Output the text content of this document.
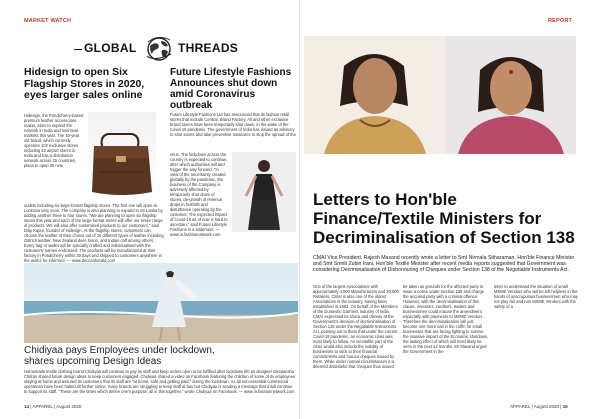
MARKET WATCH	REPORT
GLOBAL	THREADS
Hidesign to open Six Flagship Stores in 2020, eyes larger sales online
Hidesign, the Pondicherry-based premium leather accessories maker, aims to expand the network in India and overseas markets this year. The 40-year old brand, which currently operates 102 exclusive stores including 22 airport stores in India and has a distribution network across 25 countries, plans to open 30 new
outlets including six large-format flagship stores. The first one will open at Lucknow very soon. The company is also planning to expand in Sri Lanka by adding another three to four stores. "We are planning to open six flagship stores this year and each of the large-format stores will offer our entire range of products. We will also offer customised products to our customers," said Dilip Kapur, founder of Hidesign. At the flagship stores, customers can choose the leather of their choice out of 15 different types of leather including Ostrich leather, New Zealand deer, bison, and Indian calf among others. Every bag or wallet will be specially crafted and individualised with the customers' names embossed. The products will be manufactured at their factory in Pondicherry within 30 days and shipped to customers anywhere in the world, he informed. — www.deccanherald.com
Future Lifestyle Fashions Announces shut down amid Coronavirus outbreak
Future Lifestyle Fashions Ltd has announced that its fashion retail stores that include Central, Brand Factory, All and other exclusive brand stores have been temporarily shut down, in the wake of the Covid-19 pandemic. The government of India has issued an advisory to shut stores and take preventive measures to stop the spread of the
virus. The lockdown across the country is expected to continue, after which authorities will and trigger the way forward. "In view of the uncertainty created globally by the pandemic, the business of the Company is adversely affected by temporarily shut down of stores, de-growth of revenue, drops in footfalls and disturbance operating by the customer. The expected impact of Covid-19 as of now is hard to ascertain," said Future Lifestyle Fashions in a statement. — www.in.fashionnetwork.com
Chidiyaa pays Employees under lockdown, shares upcoming Design Ideas
Homemade textile clothing brand Chidiyaa will continue to pay its staff and keep orders open to be fulfilled after lockdown life as designer Deepanshu Chitran shared future design ideas to keep customers engaged. Chidiyaa shared a video on Facebook featuring the children of some of its employees staying at home and assured its customers that its staff are "at home, safe and getting paid," during the lockdown. As all non-essential commercial operations have been halted till further notice, many brands are struggling to keep staff at bay but Chidiyaa is sending a message that it will continue to support its staff. "These are the times which define one's purpose; all in this together," wrote Chidiyaa on Facebook. — www.in.fashionnetwork.com
Letters to Hon'ble Finance/Textile Ministers for Decriminalisation of Section 138
CMAI Vice President, Rajesh Masand recently wrote a letter to Smt Nirmala Sitharaman, Hon'ble Finance Minister and Smt Smriti Zubin Irani, Hon'ble Textile Minister after recent media reports suggested that Government was considering Decriminalisation of Dishonouring of Cheques under Section 138 of the Negotiable Instruments Act.
One of the largest Associations with approximately 4,000 Manufacturers and 20,000 Retailers, CMAI is also one of the oldest Associations in the industry, having been established in 1963. On behalf of the Members of the Domestic Garment Industry of India, CMAI expressed its shock and dismay at the Government's decision of decriminalisation of Section 138 under the Negotiable Instruments Act, pointing out to them that under the current Covid-19 pandemic, an economic crisis was most likely to follow. An inevitable part of the crisis would also include the inability of businesses to stick to their financial commitments and honour cheques issued by them. While under normal circumstances it is deemed distasteful that cheques thus issued
be taken as grounds for the affected party to issue a notice under Section 138 and charge the accused party with a criminal offence. However, with the decriminalisation of this clause, investors, creditors, traders and businessmen could misuse the amendment especially with payments to MSME Vendors. Therefore the decriminalisation will just become one more nail in the coffin for small businesses that are facing fighting to survive the massive impact of the Economic shutdown, the lasting effect of which will most likely be seen in the next 12 months. Mr Masand urged the Government in the
letter to understand the situation of small MSME Vendors who will be left helpless in the hands of unscrupulous businessmen who may not play fair and ruin MSME Vendors with the safety of a
14 | APPAREL | August 2020	APPAREL | August 2020 | 15
